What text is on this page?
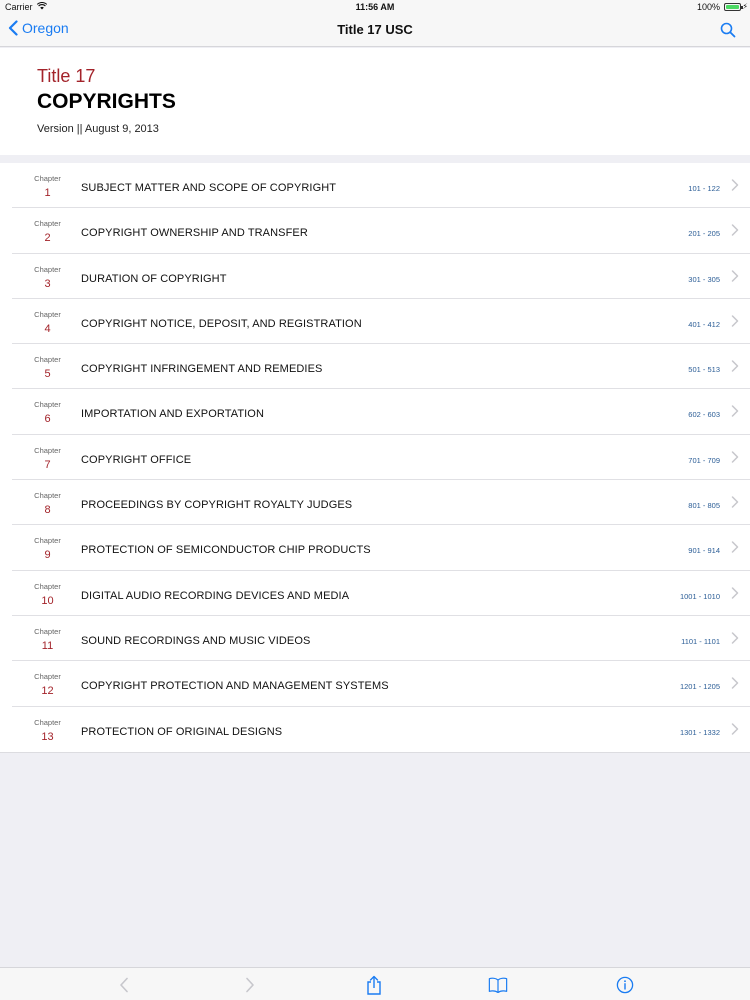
Carrier	11:56 AM	100%	⚡
Oregon	Title 17 USC
Title 17
COPYRIGHTS
Version || August 9, 2013
Chapter
1	SUBJECT MATTER AND SCOPE OF COPYRIGHT	101 - 122
Chapter
2	COPYRIGHT OWNERSHIP AND TRANSFER	201 - 205
Chapter
3	DURATION OF COPYRIGHT	301 - 305
Chapter
4	COPYRIGHT NOTICE, DEPOSIT, AND REGISTRATION	401 - 412
Chapter
5	COPYRIGHT INFRINGEMENT AND REMEDIES	501 - 513
Chapter
6	IMPORTATION AND EXPORTATION	602 - 603
Chapter
7	COPYRIGHT OFFICE	701 - 709
Chapter
8	PROCEEDINGS BY COPYRIGHT ROYALTY JUDGES	801 - 805
Chapter
9	PROTECTION OF SEMICONDUCTOR CHIP PRODUCTS	901 - 914
Chapter
10	DIGITAL AUDIO RECORDING DEVICES AND MEDIA	1001 - 1010
Chapter
11	SOUND RECORDINGS AND MUSIC VIDEOS	1101 - 1101
Chapter
12	COPYRIGHT PROTECTION AND MANAGEMENT SYSTEMS	1201 - 1205
Chapter
13	PROTECTION OF ORIGINAL DESIGNS	1301 - 1332
